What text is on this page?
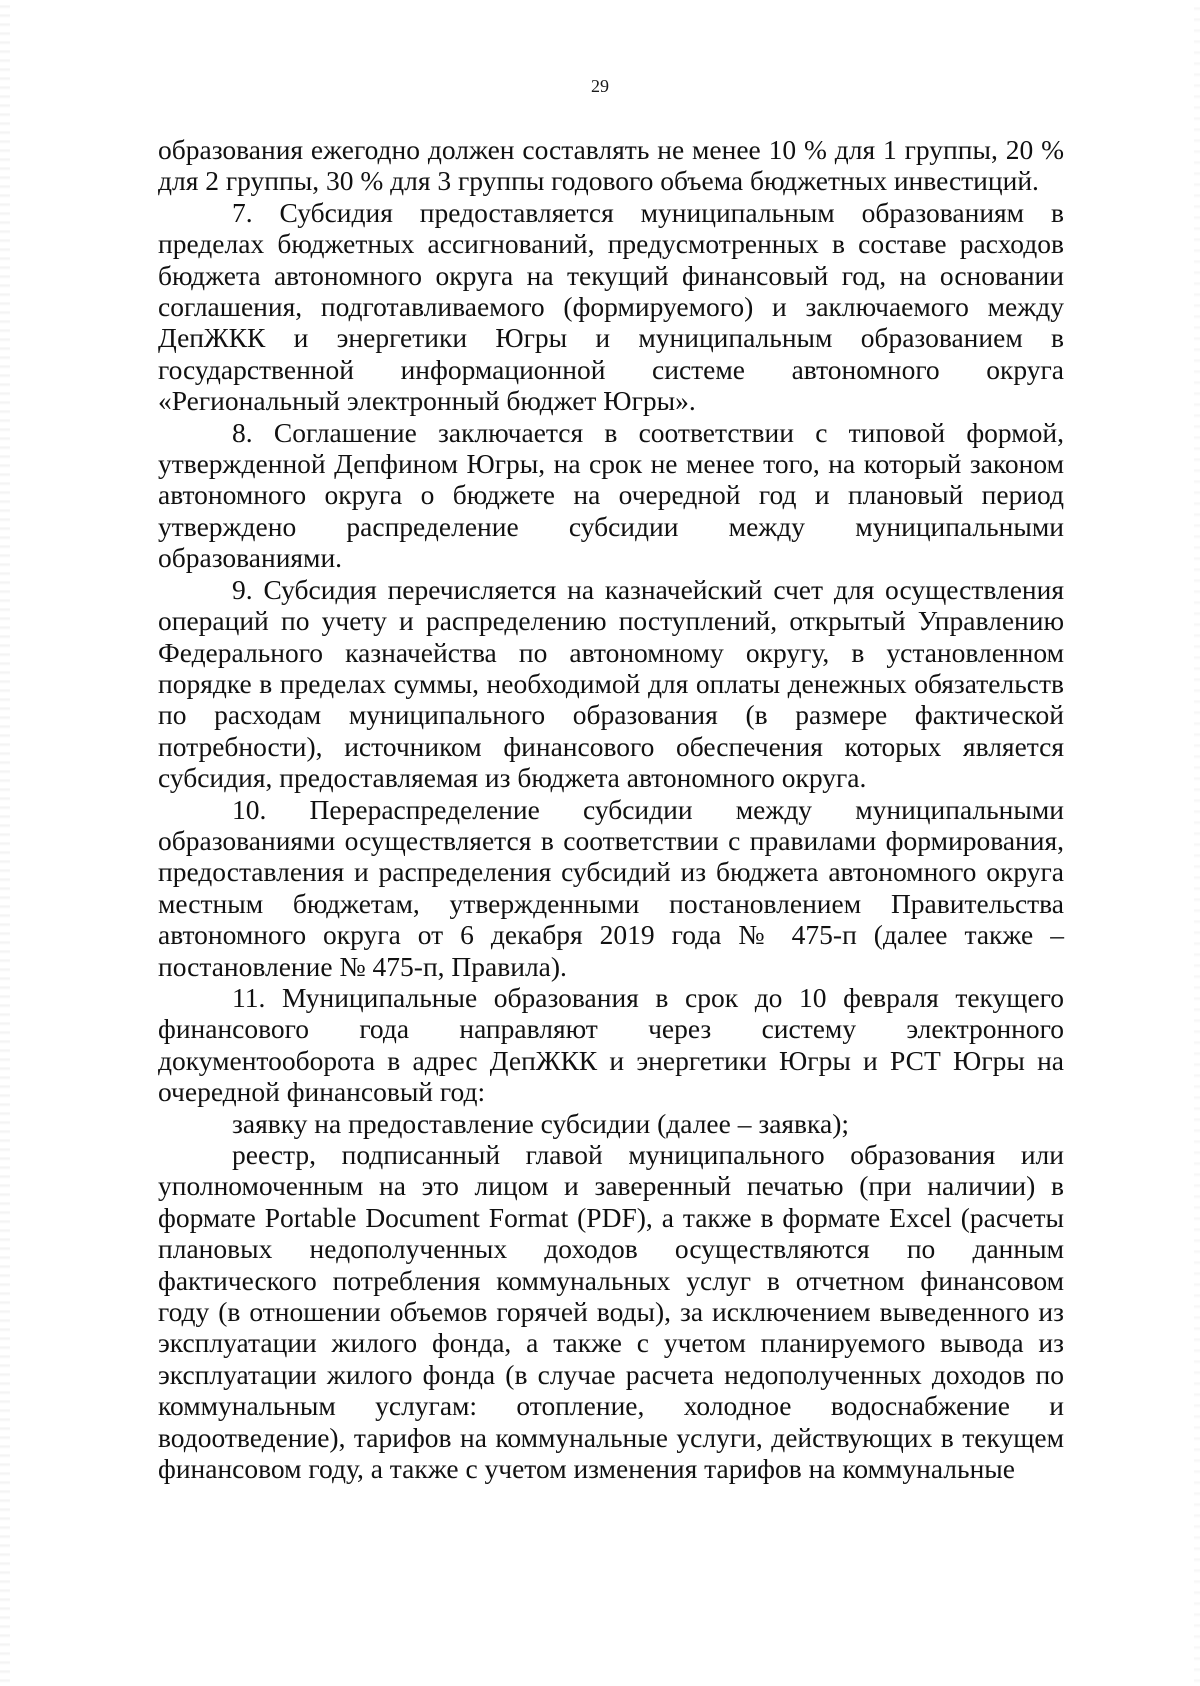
29

образования ежегодно должен составлять не менее 10 % для 1 группы, 20 % для 2 группы, 30 % для 3 группы годового объема бюджетных инвестиций.

7. Субсидия предоставляется муниципальным образованиям в пределах бюджетных ассигнований, предусмотренных в составе расходов бюджета автономного округа на текущий финансовый год, на основании соглашения, подготавливаемого (формируемого) и заключаемого между ДепЖКК и энергетики Югры и муниципальным образованием в государственной информационной системе автономного округа «Региональный электронный бюджет Югры».

8. Соглашение заключается в соответствии с типовой формой, утвержденной Депфином Югры, на срок не менее того, на который законом автономного округа о бюджете на очередной год и плановый период утверждено распределение субсидии между муниципальными образованиями.

9. Субсидия перечисляется на казначейский счет для осуществления операций по учету и распределению поступлений, открытый Управлению Федерального казначейства по автономному округу, в установленном порядке в пределах суммы, необходимой для оплаты денежных обязательств по расходам муниципального образования (в размере фактической потребности), источником финансового обеспечения которых является субсидия, предоставляемая из бюджета автономного округа.

10. Перераспределение субсидии между муниципальными образованиями осуществляется в соответствии с правилами формирования, предоставления и распределения субсидий из бюджета автономного округа местным бюджетам, утвержденными постановлением Правительства автономного округа от 6 декабря 2019 года № 475-п (далее также – постановление № 475-п, Правила).

11. Муниципальные образования в срок до 10 февраля текущего финансового года направляют через систему электронного документооборота в адрес ДепЖКК и энергетики Югры и РСТ Югры на очередной финансовый год:

заявку на предоставление субсидии (далее – заявка);

реестр, подписанный главой муниципального образования или уполномоченным на это лицом и заверенный печатью (при наличии) в формате Portable Document Format (PDF), а также в формате Excel (расчеты плановых недополученных доходов осуществляются по данным фактического потребления коммунальных услуг в отчетном финансовом году (в отношении объемов горячей воды), за исключением выведенного из эксплуатации жилого фонда, а также с учетом планируемого вывода из эксплуатации жилого фонда (в случае расчета недополученных доходов по коммунальным услугам: отопление, холодное водоснабжение и водоотведение), тарифов на коммунальные услуги, действующих в текущем финансовом году, а также с учетом изменения тарифов на коммунальные
